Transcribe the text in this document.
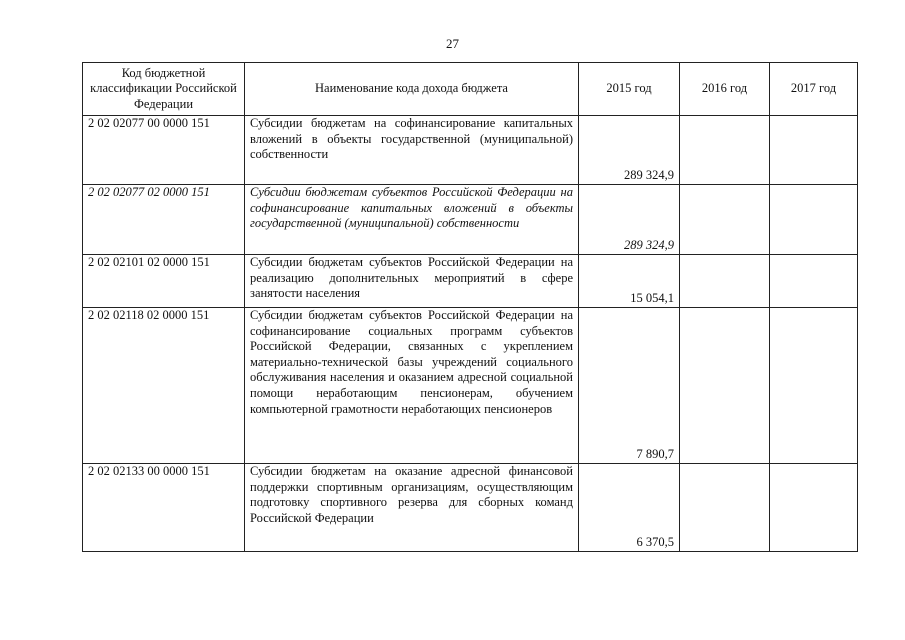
27
Код бюджетной классификации Российской Федерации	Наименование кода дохода бюджета	2015 год	2016 год	2017 год
2 02 02077 00 0000 151	Субсидии бюджетам на софинансирование капитальных вложений в объекты государственной (муниципальной) собственности	289 324,9		
2 02 02077 02 0000 151	Субсидии бюджетам субъектов Российской Федерации на софинансирование капитальных вложений в объекты государственной (муниципальной) собственности	289 324,9		
2 02 02101 02 0000 151	Субсидии бюджетам субъектов Российской Федерации на реализацию дополнительных мероприятий в сфере занятости населения	15 054,1		
2 02 02118 02 0000 151	Субсидии бюджетам субъектов Российской Федерации на софинансирование социальных программ субъектов Российской Федерации, связанных с укреплением материально-технической базы учреждений социального обслуживания населения и оказанием адресной социальной помощи неработающим пенсионерам, обучением компьютерной грамотности неработающих пенсионеров	7 890,7		
2 02 02133 00 0000 151	Субсидии бюджетам на оказание адресной финансовой поддержки спортивным организациям, осуществляющим подготовку спортивного резерва для сборных команд Российской Федерации	6 370,5		
